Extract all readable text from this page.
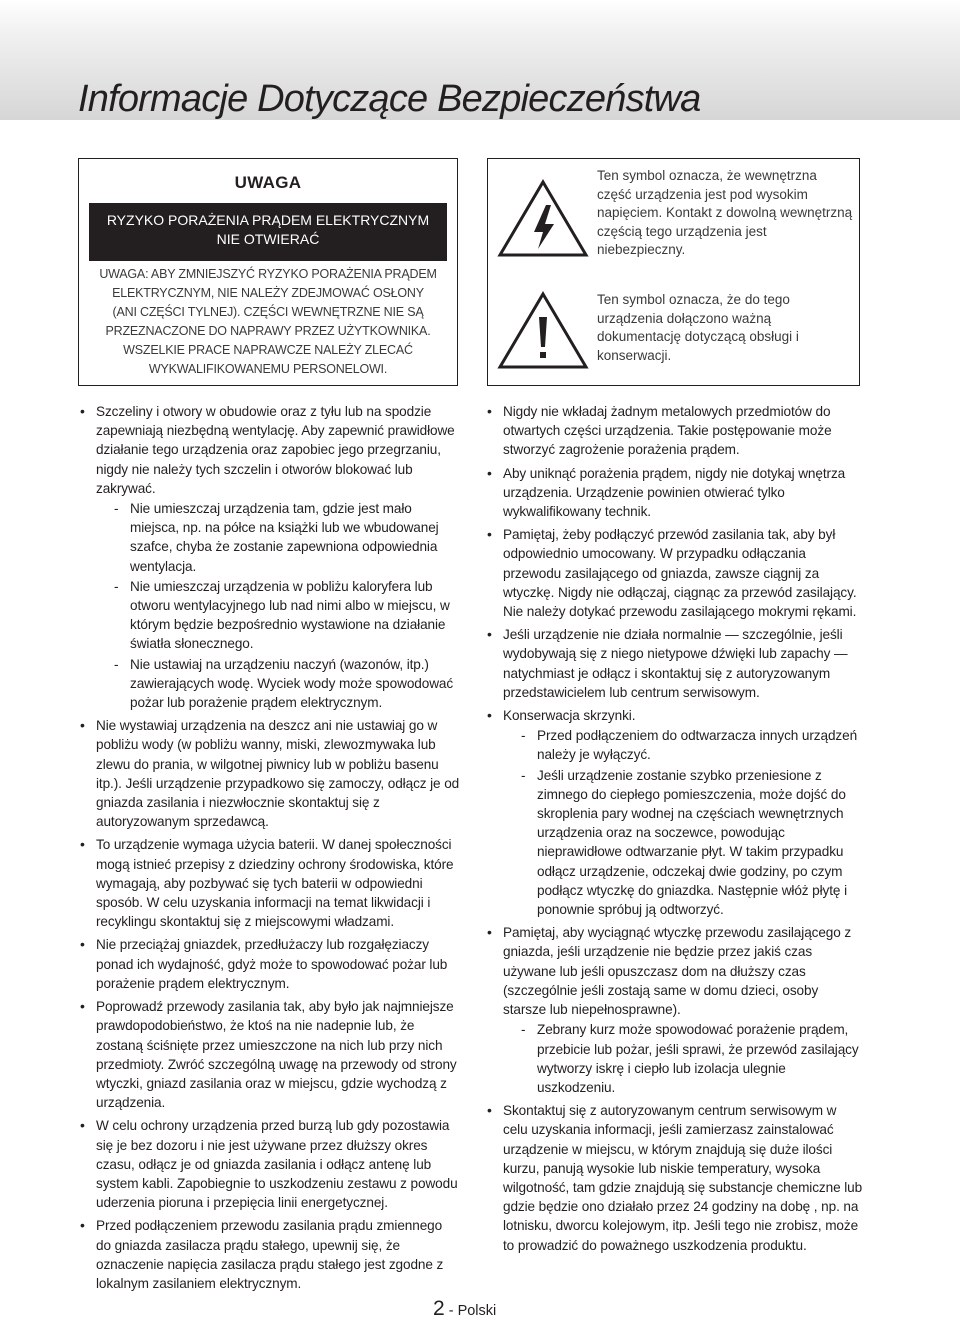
Informacje Dotyczące Bezpieczeństwa
UWAGA
RYZYKO PORAŻENIA PRĄDEM ELEKTRYCZNYM
NIE OTWIERAĆ
UWAGA: ABY ZMNIEJSZYĆ RYZYKO PORAŻENIA PRĄDEM
ELEKTRYCZNYM, NIE NALEŻY ZDEJMOWAĆ OSŁONY
(ANI CZĘŚCI TYLNEJ). CZĘŚCI WEWNĘTRZNE NIE SĄ
PRZEZNACZONE DO NAPRAWY PRZEZ UŻYTKOWNIKA.
WSZELKIE PRACE NAPRAWCZE NALEŻY ZLECAĆ
WYKWALIFIKOWANEMU PERSONELOWI.
Ten symbol oznacza, że wewnętrzna część urządzenia jest pod wysokim napięciem. Kontakt z dowolną wewnętrzną częścią tego urządzenia jest niebezpieczny.
Ten symbol oznacza, że do tego urządzenia dołączono ważną dokumentację dotyczącą obsługi i konserwacji.
• Szczeliny i otwory w obudowie oraz z tyłu lub na spodzie zapewniają niezbędną wentylację. Aby zapewnić prawidłowe działanie tego urządzenia oraz zapobiec jego przegrzaniu, nigdy nie należy tych szczelin i otworów blokować lub zakrywać.
- Nie umieszczaj urządzenia tam, gdzie jest mało miejsca, np. na półce na książki lub we wbudowanej szafce, chyba że zostanie zapewniona odpowiednia wentylacja.
- Nie umieszczaj urządzenia w pobliżu kaloryfera lub otworu wentylacyjnego lub nad nimi albo w miejscu, w którym będzie bezpośrednio wystawione na działanie światła słonecznego.
- Nie ustawiaj na urządzeniu naczyń (wazonów, itp.) zawierających wodę. Wyciek wody może spowodować pożar lub porażenie prądem elektrycznym.
• Nie wystawiaj urządzenia na deszcz ani nie ustawiaj go w pobliżu wody (w pobliżu wanny, miski, zlewozmywaka lub zlewu do prania, w wilgotnej piwnicy lub w pobliżu basenu itp.). Jeśli urządzenie przypadkowo się zamoczy, odłącz je od gniazda zasilania i niezwłocznie skontaktuj się z autoryzowanym sprzedawcą.
• To urządzenie wymaga użycia baterii. W danej społeczności mogą istnieć przepisy z dziedziny ochrony środowiska, które wymagają, aby pozbywać się tych baterii w odpowiedni sposób. W celu uzyskania informacji na temat likwidacji i recyklingu skontaktuj się z miejscowymi władzami.
• Nie przeciążaj gniazdek, przedłużaczy lub rozgałęziaczy ponad ich wydajność, gdyż może to spowodować pożar lub porażenie prądem elektrycznym.
• Poprowadź przewody zasilania tak, aby było jak najmniejsze prawdopodobieństwo, że ktoś na nie nadepnie lub, że zostaną ściśnięte przez umieszczone na nich lub przy nich przedmioty. Zwróć szczególną uwagę na przewody od strony wtyczki, gniazd zasilania oraz w miejscu, gdzie wychodzą z urządzenia.
• W celu ochrony urządzenia przed burzą lub gdy pozostawia się je bez dozoru i nie jest używane przez dłuższy okres czasu, odłącz je od gniazda zasilania i odłącz antenę lub system kabli. Zapobiegnie to uszkodzeniu zestawu z powodu uderzenia pioruna i przepięcia linii energetycznej.
• Przed podłączeniem przewodu zasilania prądu zmiennego do gniazda zasilacza prądu stałego, upewnij się, że oznaczenie napięcia zasilacza prądu stałego jest zgodne z lokalnym zasilaniem elektrycznym.
• Nigdy nie wkładaj żadnym metalowych przedmiotów do otwartych części urządzenia. Takie postępowanie może stworzyć zagrożenie porażenia prądem.
• Aby uniknąć porażenia prądem, nigdy nie dotykaj wnętrza urządzenia. Urządzenie powinien otwierać tylko wykwalifikowany technik.
• Pamiętaj, żeby podłączyć przewód zasilania tak, aby był odpowiednio umocowany. W przypadku odłączania przewodu zasilającego od gniazda, zawsze ciągnij za wtyczkę. Nigdy nie odłączaj, ciągnąc za przewód zasilający. Nie należy dotykać przewodu zasilającego mokrymi rękami.
• Jeśli urządzenie nie działa normalnie — szczególnie, jeśli wydobywają się z niego nietypowe dźwięki lub zapachy — natychmiast je odłącz i skontaktuj się z autoryzowanym przedstawicielem lub centrum serwisowym.
• Konserwacja skrzynki.
- Przed podłączeniem do odtwarzacza innych urządzeń należy je wyłączyć.
- Jeśli urządzenie zostanie szybko przeniesione z zimnego do ciepłego pomieszczenia, może dojść do skroplenia pary wodnej na częściach wewnętrznych urządzenia oraz na soczewce, powodując nieprawidłowe odtwarzanie płyt. W takim przypadku odłącz urządzenie, odczekaj dwie godziny, po czym podłącz wtyczkę do gniazdka. Następnie włóż płytę i ponownie spróbuj ją odtworzyć.
• Pamiętaj, aby wyciągnąć wtyczkę przewodu zasilającego z gniazda, jeśli urządzenie nie będzie przez jakiś czas używane lub jeśli opuszczasz dom na dłuższy czas (szczególnie jeśli zostają same w domu dzieci, osoby starsze lub niepełnosprawne).
- Zebrany kurz może spowodować porażenie prądem, przebicie lub pożar, jeśli sprawi, że przewód zasilający wytworzy iskrę i ciepło lub izolacja ulegnie uszkodzeniu.
• Skontaktuj się z autoryzowanym centrum serwisowym w celu uzyskania informacji, jeśli zamierzasz zainstalować urządzenie w miejscu, w którym znajdują się duże ilości kurzu, panują wysokie lub niskie temperatury, wysoka wilgotność, tam gdzie znajdują się substancje chemiczne lub gdzie będzie ono działało przez 24 godziny na dobę , np. na lotnisku, dworcu kolejowym, itp. Jeśli tego nie zrobisz, może to prowadzić do poważnego uszkodzenia produktu.
2 - Polski
